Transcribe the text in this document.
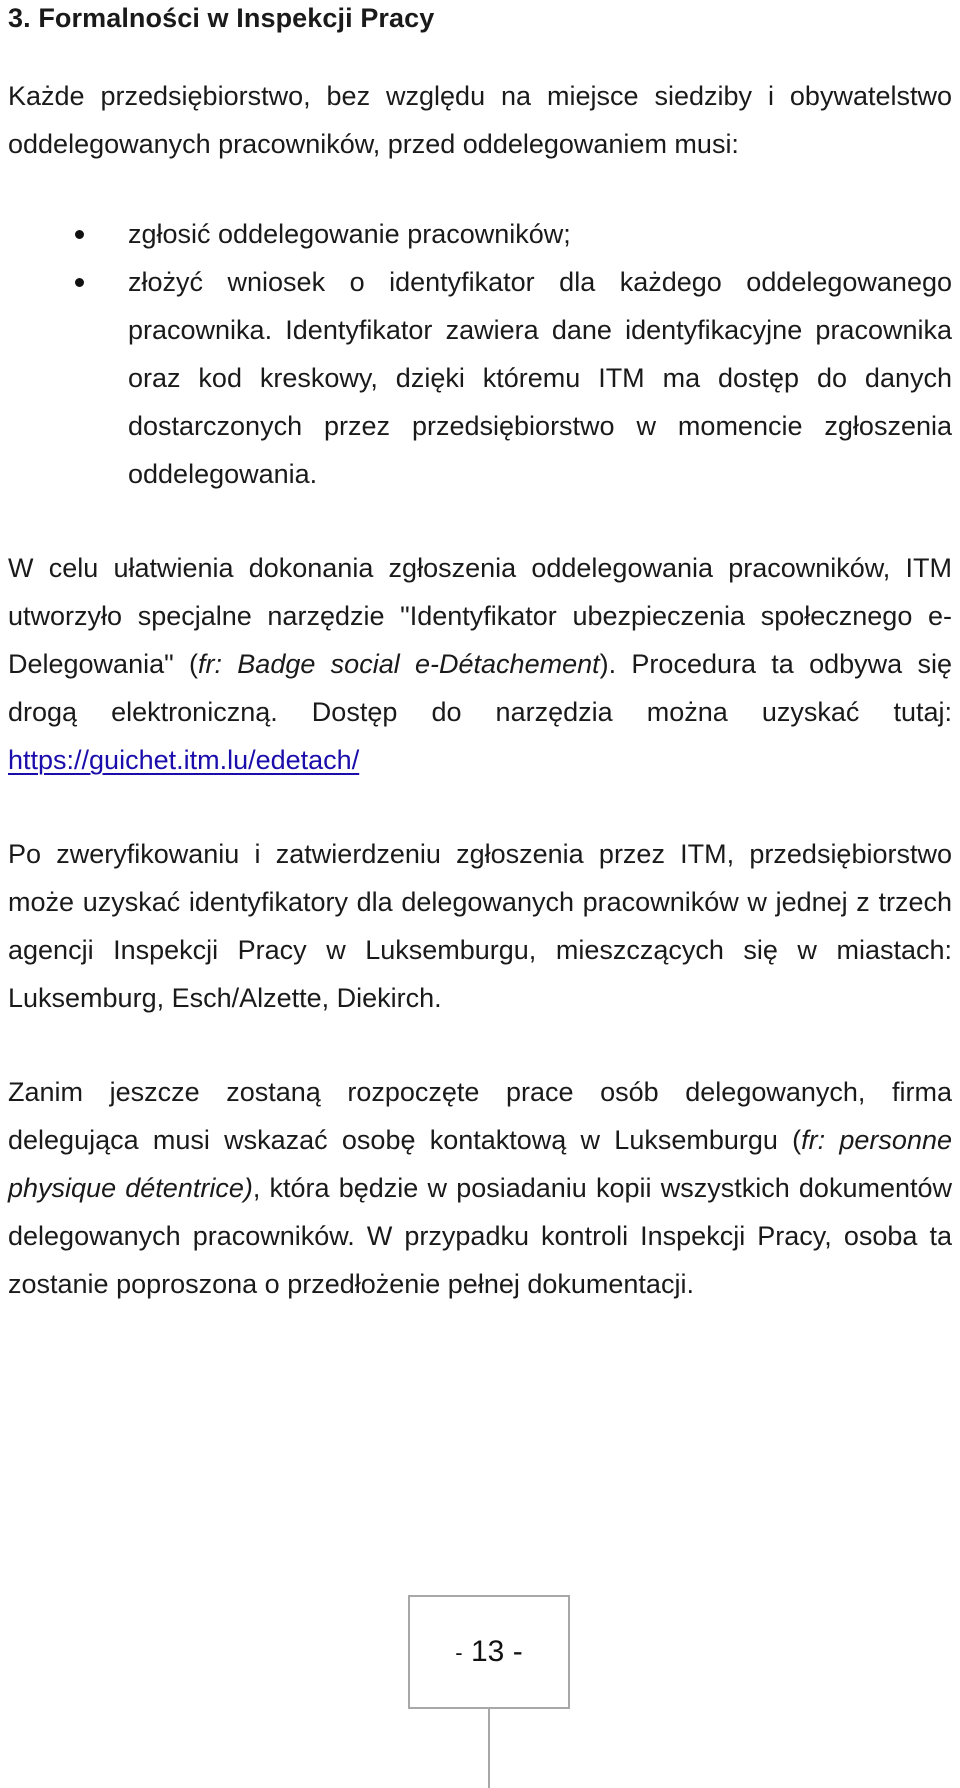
3. Formalności w Inspekcji Pracy

Każde przedsiębiorstwo, bez względu na miejsce siedziby i obywatelstwo oddelegowanych pracowników, przed oddelegowaniem musi:

zgłosić oddelegowanie pracowników;
złożyć wniosek o identyfikator dla każdego oddelegowanego pracownika. Identyfikator zawiera dane identyfikacyjne pracownika oraz kod kreskowy, dzięki któremu ITM ma dostęp do danych dostarczonych przez przedsiębiorstwo w momencie zgłoszenia oddelegowania.

W celu ułatwienia dokonania zgłoszenia oddelegowania pracowników, ITM utworzyło specjalne narzędzie "Identyfikator ubezpieczenia społecznego e-Delegowania" (fr: Badge social e-Détachement). Procedura ta odbywa się drogą elektroniczną. Dostęp do narzędzia można uzyskać tutaj: https://guichet.itm.lu/edetach/

Po zweryfikowaniu i zatwierdzeniu zgłoszenia przez ITM, przedsiębiorstwo może uzyskać identyfikatory dla delegowanych pracowników w jednej z trzech agencji Inspekcji Pracy w Luksemburgu, mieszczących się w miastach: Luksemburg, Esch/Alzette, Diekirch.

Zanim jeszcze zostaną rozpoczęte prace osób delegowanych, firma delegująca musi wskazać osobę kontaktową w Luksemburgu (fr: personne physique détentrice), która będzie w posiadaniu kopii wszystkich dokumentów delegowanych pracowników. W przypadku kontroli Inspekcji Pracy, osoba ta zostanie poproszona o przedłożenie pełnej dokumentacji.

- 13 -
